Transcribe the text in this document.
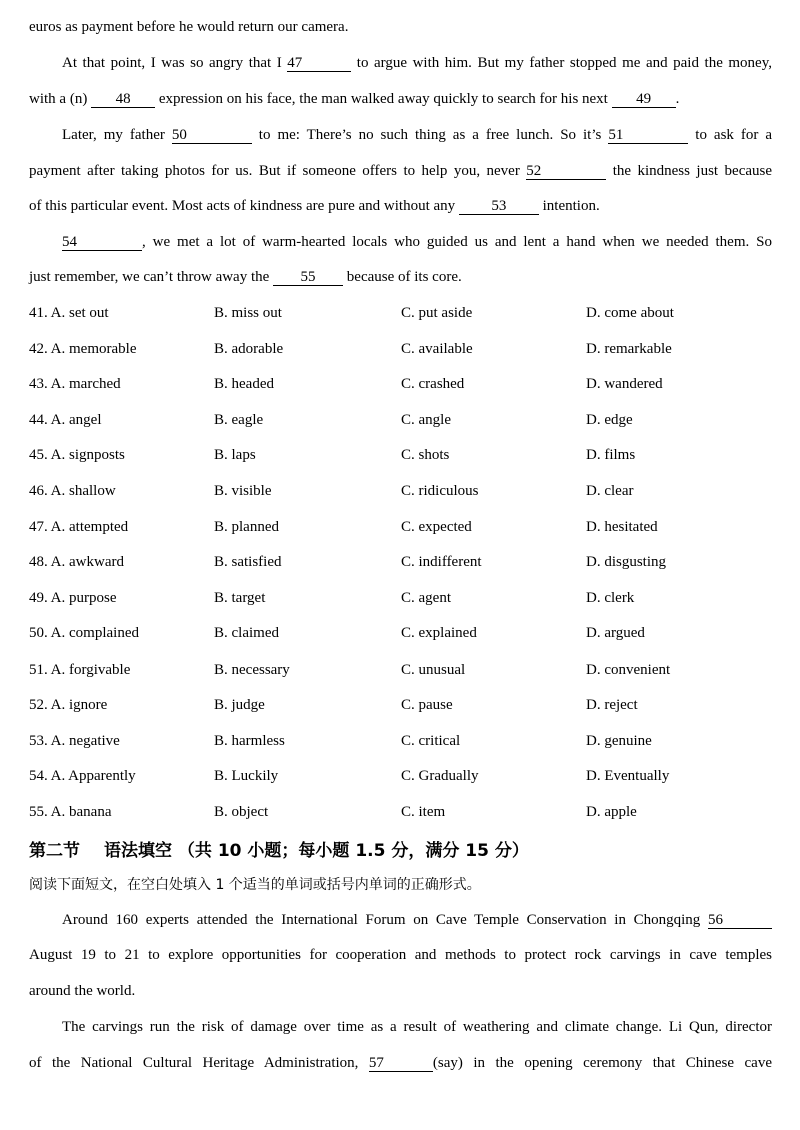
euros as payment before he would return our camera.
At that point, I was so angry that I 47	to argue with him. But my father stopped me and paid the money,
with a (n) 48 expression on his face, the man walked away quickly to search for his next 49 .
Later, my father 50	to me: There’s no such thing as a free lunch. So it’s 51	to ask for a
payment after taking photos for us. But if someone offers to help you, never 52	the kindness just because
of this particular event. Most acts of kindness are pure and without any 53 intention.
54	, we met a lot of warm-hearted locals who guided us and lent a hand when we needed them. So
just remember, we can’t throw away the 55 because of its core.
41. A. set out	B. miss out	C. put aside	D. come about
42. A. memorable	B. adorable	C. available	D. remarkable
43. A. marched	B. headed	C. crashed	D. wandered
44. A. angel	B. eagle	C. angle	D. edge
45. A. signposts	B. laps	C. shots	D. films
46. A. shallow	B. visible	C. ridiculous	D. clear
47. A. attempted	B. planned	C. expected	D. hesitated
48. A. awkward	B. satisfied	C. indifferent	D. disgusting
49. A. purpose	B. target	C. agent	D. clerk
50. A. complained	B. claimed	C. explained	D. argued
51. A. forgivable	B. necessary	C. unusual	D. convenient
52. A. ignore	B. judge	C. pause	D. reject
53. A. negative	B. harmless	C. critical	D. genuine
54. A. Apparently	B. Luckily	C. Gradually	D. Eventually
55. A. banana	B. object	C. item	D. apple
第二节 语法填空 （共 10 小题；每小题 1.5 分，满分 15 分）
阅读下面短文，在空白处填入 1 个适当的单词或括号内单词的正确形式。
Around 160 experts attended the International Forum on Cave Temple Conservation in Chongqing 56
August 19 to 21 to explore opportunities for cooperation and methods to protect rock carvings in cave temples
around the world.
The carvings run the risk of damage over time as a result of weathering and climate change. Li Qun, director
of the National Cultural Heritage Administration, 57	(say) in the opening ceremony that Chinese cave
